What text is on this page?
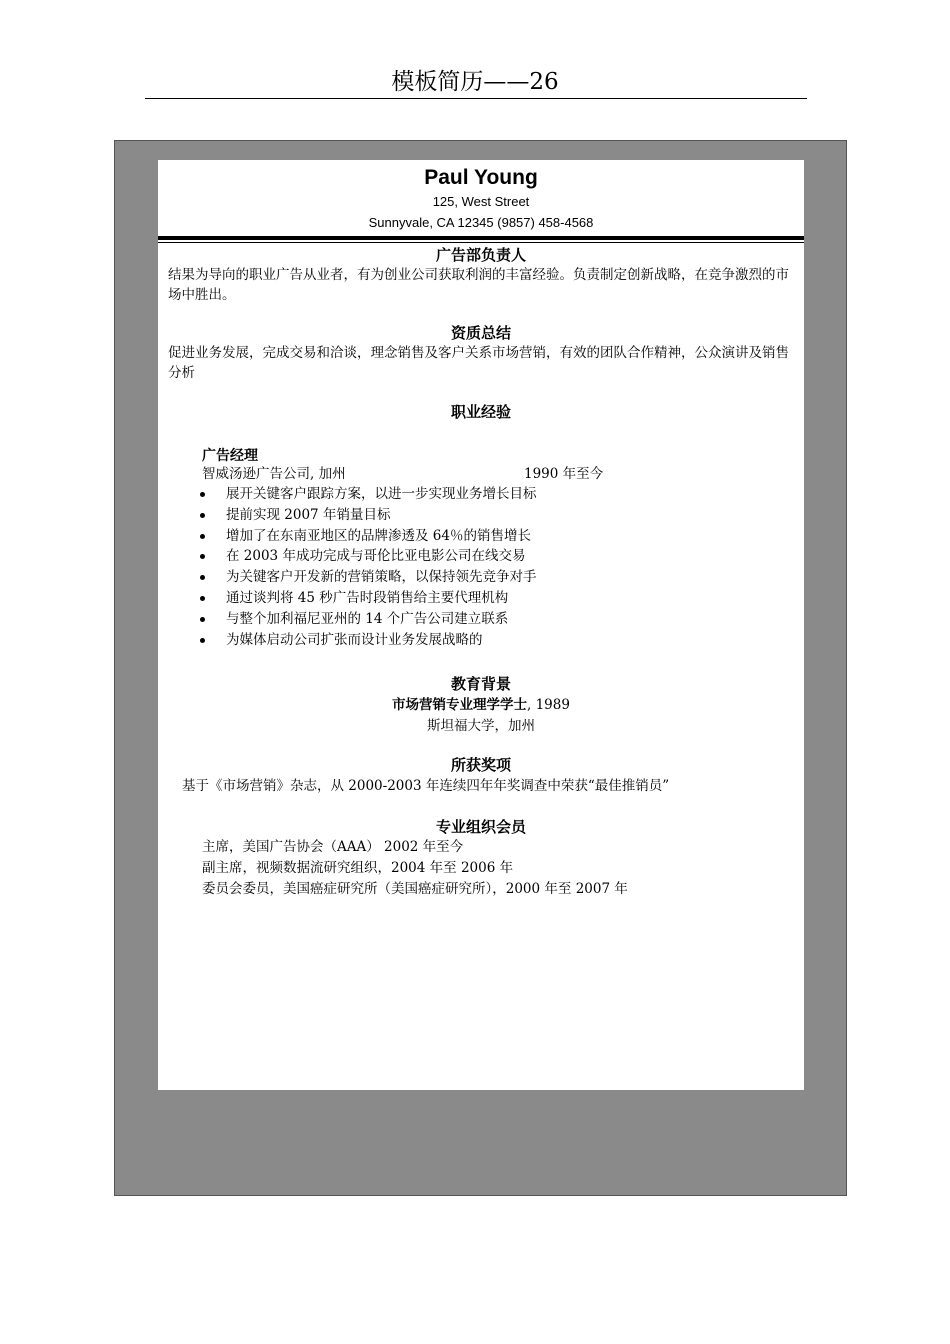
模板简历——26
Paul Young
125, West Street
Sunnyvale, CA 12345 (9857) 458-4568
广告部负责人
结果为导向的职业广告从业者，有为创业公司获取利润的丰富经验。负责制定创新战略，在竞争激烈的市场中胜出。
资质总结
促进业务发展，完成交易和洽谈，理念销售及客户关系市场营销，有效的团队合作精神，公众演讲及销售分析
职业经验
广告经理
智威汤逊广告公司, 加州	1990 年至今
展开关键客户跟踪方案，以进一步实现业务增长目标
提前实现 2007 年销量目标
增加了在东南亚地区的品牌渗透及 64％的销售增长
在 2003 年成功完成与哥伦比亚电影公司在线交易
为关键客户开发新的营销策略，以保持领先竞争对手
通过谈判将 45 秒广告时段销售给主要代理机构
与整个加利福尼亚州的 14 个广告公司建立联系
为媒体启动公司扩张而设计业务发展战略的
教育背景
市场营销专业理学学士, 1989
斯坦福大学，加州
所获奖项
基于《市场营销》杂志，从 2000-2003 年连续四年年奖调查中荣获“最佳推销员”
专业组织会员
主席，美国广告协会（AAA） 2002 年至今
副主席，视频数据流研究组织，2004 年至 2006 年
委员会委员，美国癌症研究所（美国癌症研究所），2000 年至 2007 年
